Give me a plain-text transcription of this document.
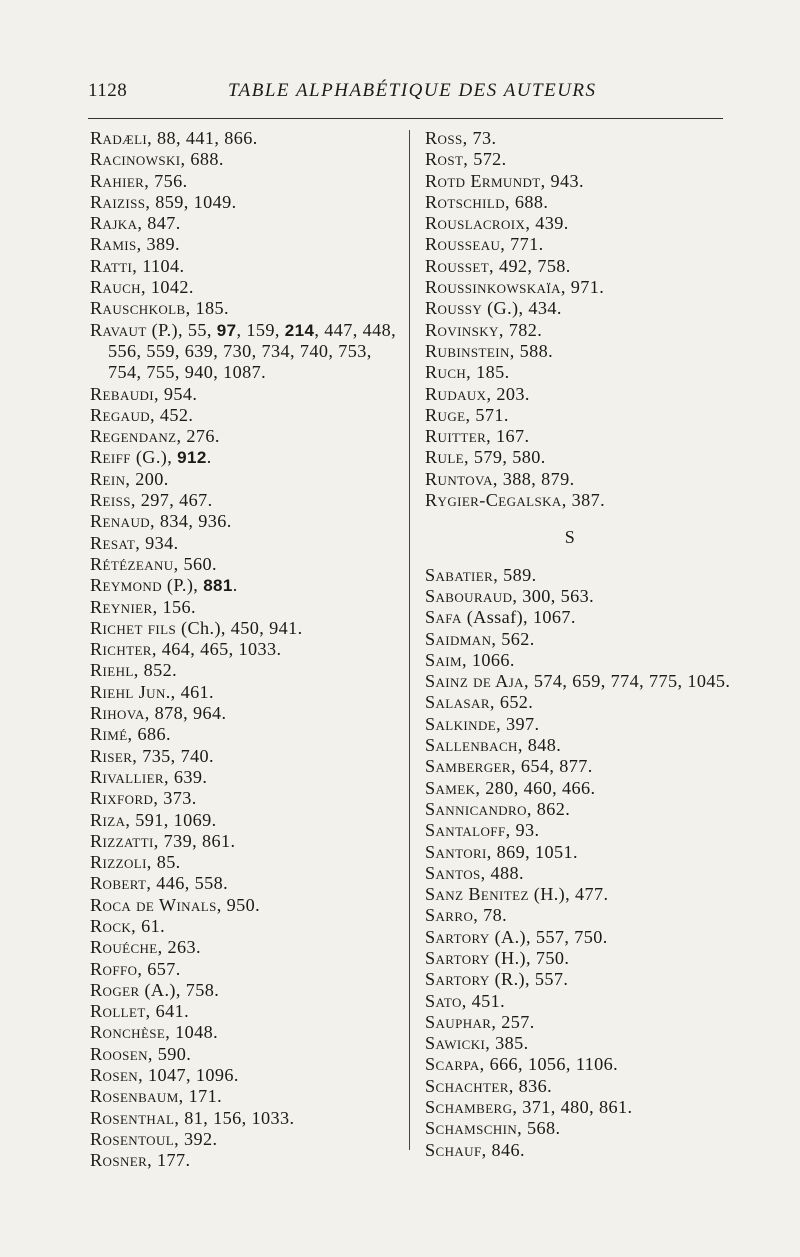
1128	TABLE ALPHABÉTIQUE DES AUTEURS
Radæli, 88, 441, 866.
Racinowski, 688.
Rahier, 756.
Raiziss, 859, 1049.
Rajka, 847.
Ramis, 389.
Ratti, 1104.
Rauch, 1042.
Rauschkolb, 185.
Ravaut (P.), 55, 97, 159, 214, 447, 448, 556, 559, 639, 730, 734, 740, 753, 754, 755, 940, 1087.
Rebaudi, 954.
Regaud, 452.
Regendanz, 276.
Reiff (G.), 912.
Rein, 200.
Reiss, 297, 467.
Renaud, 834, 936.
Resat, 934.
Rétézeanu, 560.
Reymond (P.), 881.
Reynier, 156.
Richet fils (Ch.), 450, 941.
Richter, 464, 465, 1033.
Riehl, 852.
Riehl Jun., 461.
Rihova, 878, 964.
Rimé, 686.
Riser, 735, 740.
Rivallier, 639.
Rixford, 373.
Riza, 591, 1069.
Rizzatti, 739, 861.
Rizzoli, 85.
Robert, 446, 558.
Roca de Winals, 950.
Rock, 61.
Rouéche, 263.
Roffo, 657.
Roger (A.), 758.
Rollet, 641.
Ronchèse, 1048.
Roosen, 590.
Rosen, 1047, 1096.
Rosenbaum, 171.
Rosenthal, 81, 156, 1033.
Rosentoul, 392.
Rosner, 177.
Ross, 73.
Rost, 572.
Rotd Ermundt, 943.
Rotschild, 688.
Rouslacroix, 439.
Rousseau, 771.
Rousset, 492, 758.
Roussinkowskaïa, 971.
Roussy (G.), 434.
Rovinsky, 782.
Rubinstein, 588.
Ruch, 185.
Rudaux, 203.
Ruge, 571.
Ruitter, 167.
Rule, 579, 580.
Runtova, 388, 879.
Rygier-Cegalska, 387.
S
Sabatier, 589.
Sabouraud, 300, 563.
Safa (Assaf), 1067.
Saidman, 562.
Saim, 1066.
Sainz de Aja, 574, 659, 774, 775, 1045.
Salasar, 652.
Salkinde, 397.
Sallenbach, 848.
Samberger, 654, 877.
Samek, 280, 460, 466.
Sannicandro, 862.
Santaloff, 93.
Santori, 869, 1051.
Santos, 488.
Sanz Benitez (H.), 477.
Sarro, 78.
Sartory (A.), 557, 750.
Sartory (H.), 750.
Sartory (R.), 557.
Sato, 451.
Sauphar, 257.
Sawicki, 385.
Scarpa, 666, 1056, 1106.
Schachter, 836.
Schamberg, 371, 480, 861.
Schamschin, 568.
Schauf, 846.
